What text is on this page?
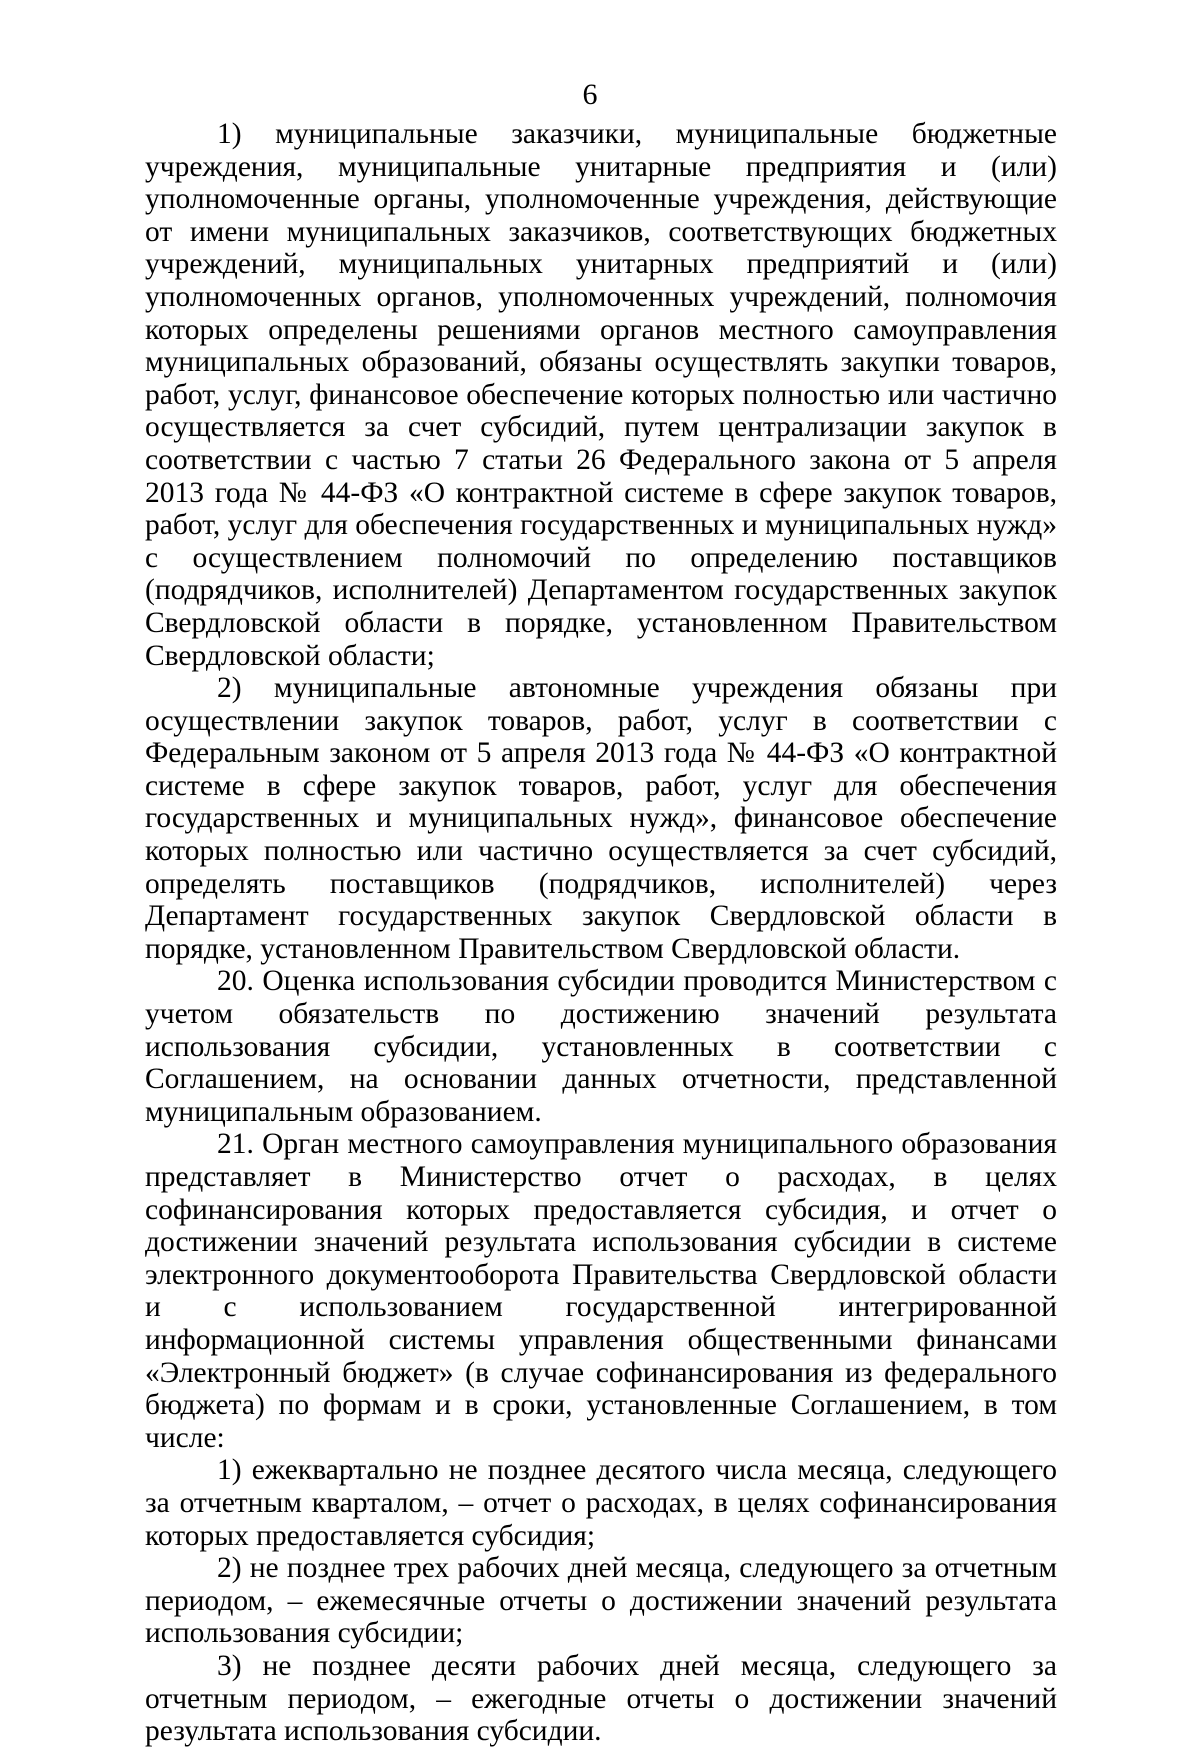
6

1) муниципальные заказчики, муниципальные бюджетные учреждения, муниципальные унитарные предприятия и (или) уполномоченные органы, уполномоченные учреждения, действующие от имени муниципальных заказчиков, соответствующих бюджетных учреждений, муниципальных унитарных предприятий и (или) уполномоченных органов, уполномоченных учреждений, полномочия которых определены решениями органов местного самоуправления муниципальных образований, обязаны осуществлять закупки товаров, работ, услуг, финансовое обеспечение которых полностью или частично осуществляется за счет субсидий, путем централизации закупок в соответствии с частью 7 статьи 26 Федерального закона от 5 апреля 2013 года № 44-ФЗ «О контрактной системе в сфере закупок товаров, работ, услуг для обеспечения государственных и муниципальных нужд» с осуществлением полномочий по определению поставщиков (подрядчиков, исполнителей) Департаментом государственных закупок Свердловской области в порядке, установленном Правительством Свердловской области;

2) муниципальные автономные учреждения обязаны при осуществлении закупок товаров, работ, услуг в соответствии с Федеральным законом от 5 апреля 2013 года № 44-ФЗ «О контрактной системе в сфере закупок товаров, работ, услуг для обеспечения государственных и муниципальных нужд», финансовое обеспечение которых полностью или частично осуществляется за счет субсидий, определять поставщиков (подрядчиков, исполнителей) через Департамент государственных закупок Свердловской области в порядке, установленном Правительством Свердловской области.

20. Оценка использования субсидии проводится Министерством с учетом обязательств по достижению значений результата использования субсидии, установленных в соответствии с Соглашением, на основании данных отчетности, представленной муниципальным образованием.

21. Орган местного самоуправления муниципального образования представляет в Министерство отчет о расходах, в целях софинансирования которых предоставляется субсидия, и отчет о достижении значений результата использования субсидии в системе электронного документооборота Правительства Свердловской области и с использованием государственной интегрированной информационной системы управления общественными финансами «Электронный бюджет» (в случае софинансирования из федерального бюджета) по формам и в сроки, установленные Соглашением, в том числе:

1) ежеквартально не позднее десятого числа месяца, следующего за отчетным кварталом, – отчет о расходах, в целях софинансирования которых предоставляется субсидия;

2) не позднее трех рабочих дней месяца, следующего за отчетным периодом, – ежемесячные отчеты о достижении значений результата использования субсидии;

3) не позднее десяти рабочих дней месяца, следующего за отчетным периодом, – ежегодные отчеты о достижении значений результата использования субсидии.
